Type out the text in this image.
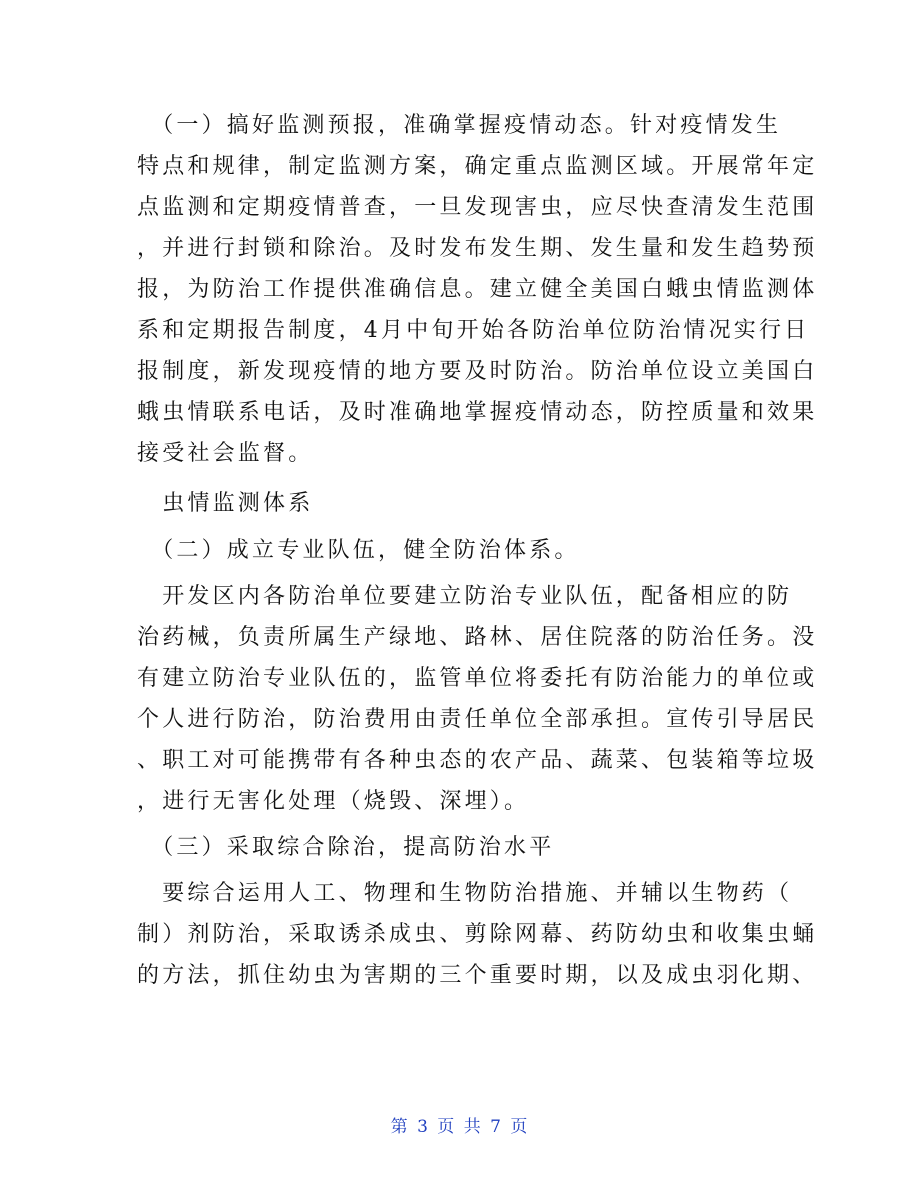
　（一）搞好监测预报，准确掌握疫情动态。针对疫情发生
特点和规律，制定监测方案，确定重点监测区域。开展常年定
点监测和定期疫情普查，一旦发现害虫，应尽快查清发生范围
，并进行封锁和除治。及时发布发生期、发生量和发生趋势预
报，为防治工作提供准确信息。建立健全美国白蛾虫情监测体
系和定期报告制度，4月中旬开始各防治单位防治情况实行日
报制度，新发现疫情的地方要及时防治。防治单位设立美国白
蛾虫情联系电话，及时准确地掌握疫情动态，防控质量和效果
接受社会监督。
　虫情监测体系
　（二）成立专业队伍，健全防治体系。
　开发区内各防治单位要建立防治专业队伍，配备相应的防
治药械，负责所属生产绿地、路林、居住院落的防治任务。没
有建立防治专业队伍的，监管单位将委托有防治能力的单位或
个人进行防治，防治费用由责任单位全部承担。宣传引导居民
、职工对可能携带有各种虫态的农产品、蔬菜、包装箱等垃圾
，进行无害化处理（烧毁、深埋）。
　（三）采取综合除治，提高防治水平
　要综合运用人工、物理和生物防治措施、并辅以生物药（
制）剂防治，采取诱杀成虫、剪除网幕、药防幼虫和收集虫蛹
的方法，抓住幼虫为害期的三个重要时期，以及成虫羽化期、
第 3 页 共 7 页
